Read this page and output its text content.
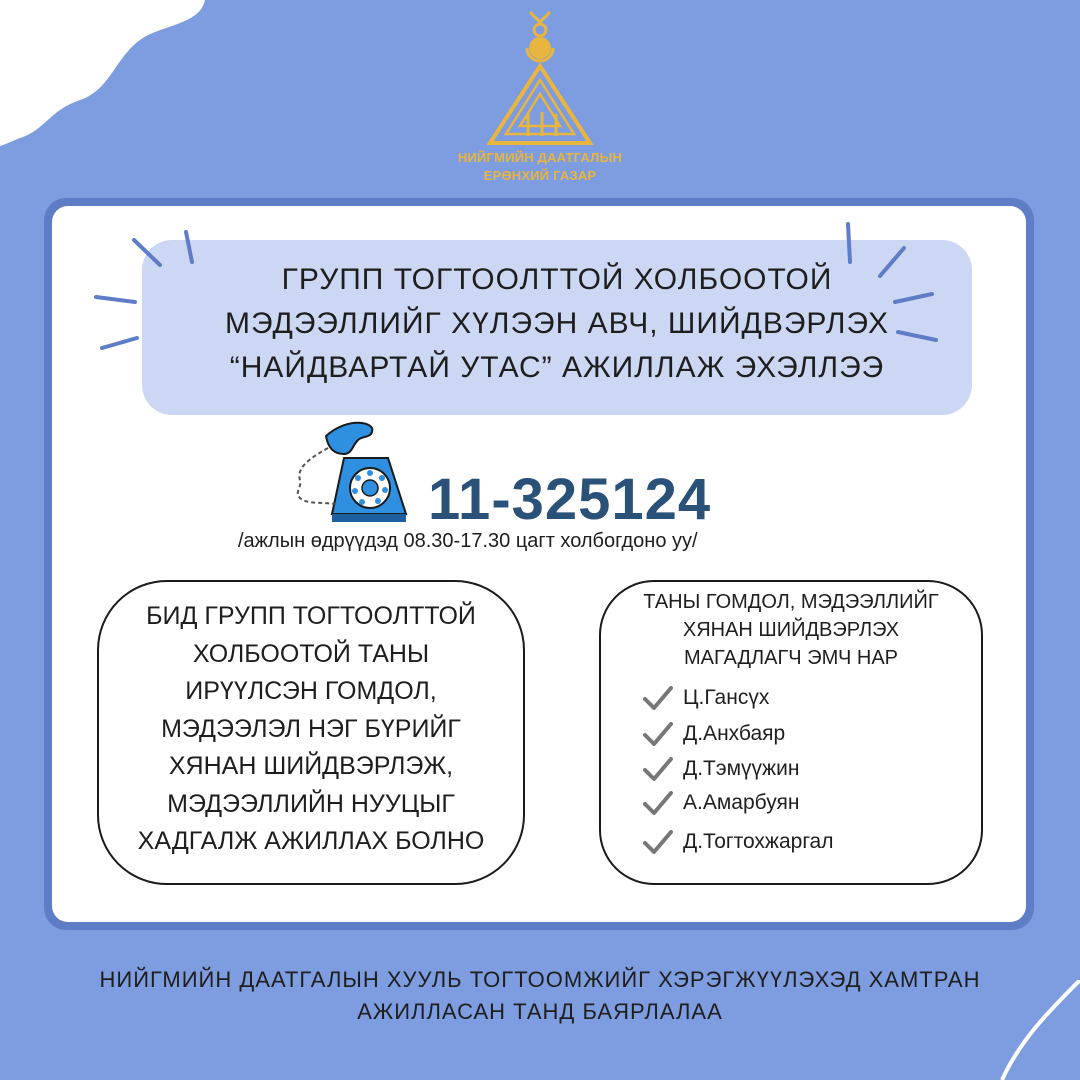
НИЙГМИЙН ДААТГАЛЫН
ЕРӨНХИЙ ГАЗАР
ГРУПП ТОГТООЛТТОЙ ХОЛБООТОЙ
МЭДЭЭЛЛИЙГ ХҮЛЭЭН АВЧ, ШИЙДВЭРЛЭХ
“НАЙДВАРТАЙ УТАС” АЖИЛЛАЖ ЭХЭЛЛЭЭ
11-325124
/ажлын өдрүүдэд 08.30-17.30 цагт холбогдоно уу/
БИД ГРУПП ТОГТООЛТТОЙ
ХОЛБООТОЙ ТАНЫ
ИРҮҮЛСЭН ГОМДОЛ,
МЭДЭЭЛЭЛ НЭГ БҮРИЙГ
ХЯНАН ШИЙДВЭРЛЭЖ,
МЭДЭЭЛЛИЙН НУУЦЫГ
ХАДГАЛЖ АЖИЛЛАХ БОЛНО
ТАНЫ ГОМДОЛ, МЭДЭЭЛЛИЙГ
ХЯНАН ШИЙДВЭРЛЭХ
МАГАДЛАГЧ ЭМЧ НАР
Ц.Гансүх
Д.Анхбаяр
Д.Тэмүүжин
А.Амарбуян
Д.Тогтохжаргал
НИЙГМИЙН ДААТГАЛЫН ХУУЛЬ ТОГТООМЖИЙГ ХЭРЭГЖҮҮЛЭХЭД ХАМТРАН
АЖИЛЛАСАН ТАНД БАЯРЛАЛАА
